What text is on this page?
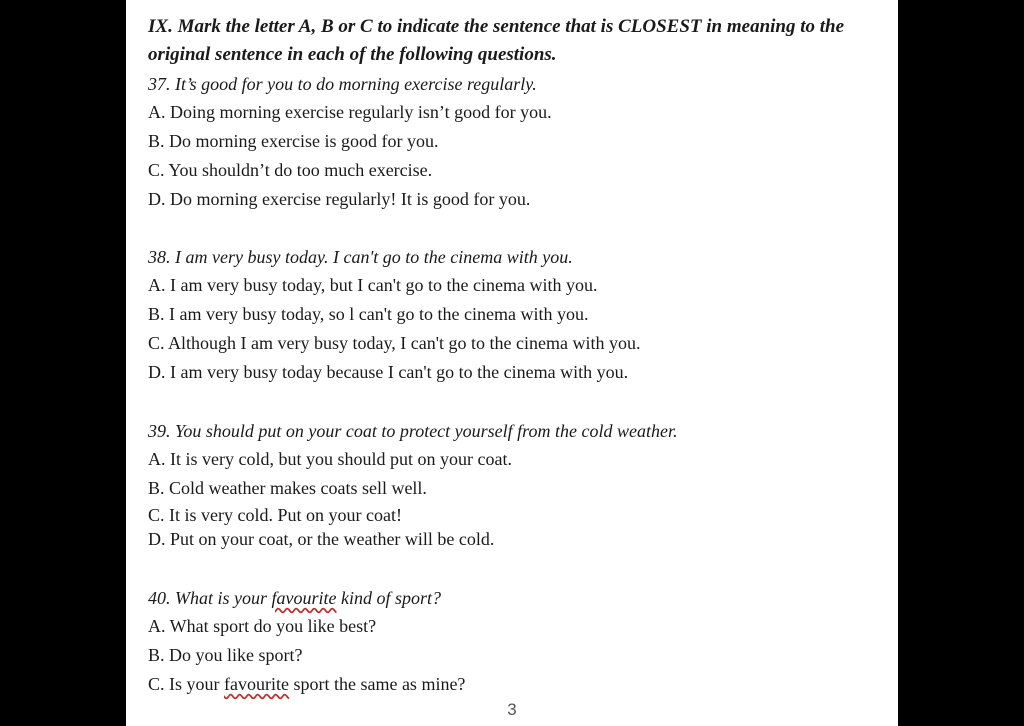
IX. Mark the letter A, B or C to indicate the sentence that is CLOSEST in meaning to the original sentence in each of the following questions.
37. It’s good for you to do morning exercise regularly.
A. Doing morning exercise regularly isn’t good for you.
B. Do morning exercise is good for you.
C. You shouldn’t do too much exercise.
D. Do morning exercise regularly! It is good for you.
38. I am very busy today. I can't go to the cinema with you.
A. I am very busy today, but I can't go to the cinema with you.
B. I am very busy today, so l can't go to the cinema with you.
C. Although I am very busy today, I can't go to the cinema with you.
D. I am very busy today because I can't go to the cinema with you.
39. You should put on your coat to protect yourself from the cold weather.
A. It is very cold, but you should put on your coat.
B. Cold weather makes coats sell well.
C. It is very cold. Put on your coat!
D. Put on your coat, or the weather will be cold.
40. What is your favourite kind of sport?
A. What sport do you like best?
B. Do you like sport?
C. Is your favourite sport the same as mine?
3
